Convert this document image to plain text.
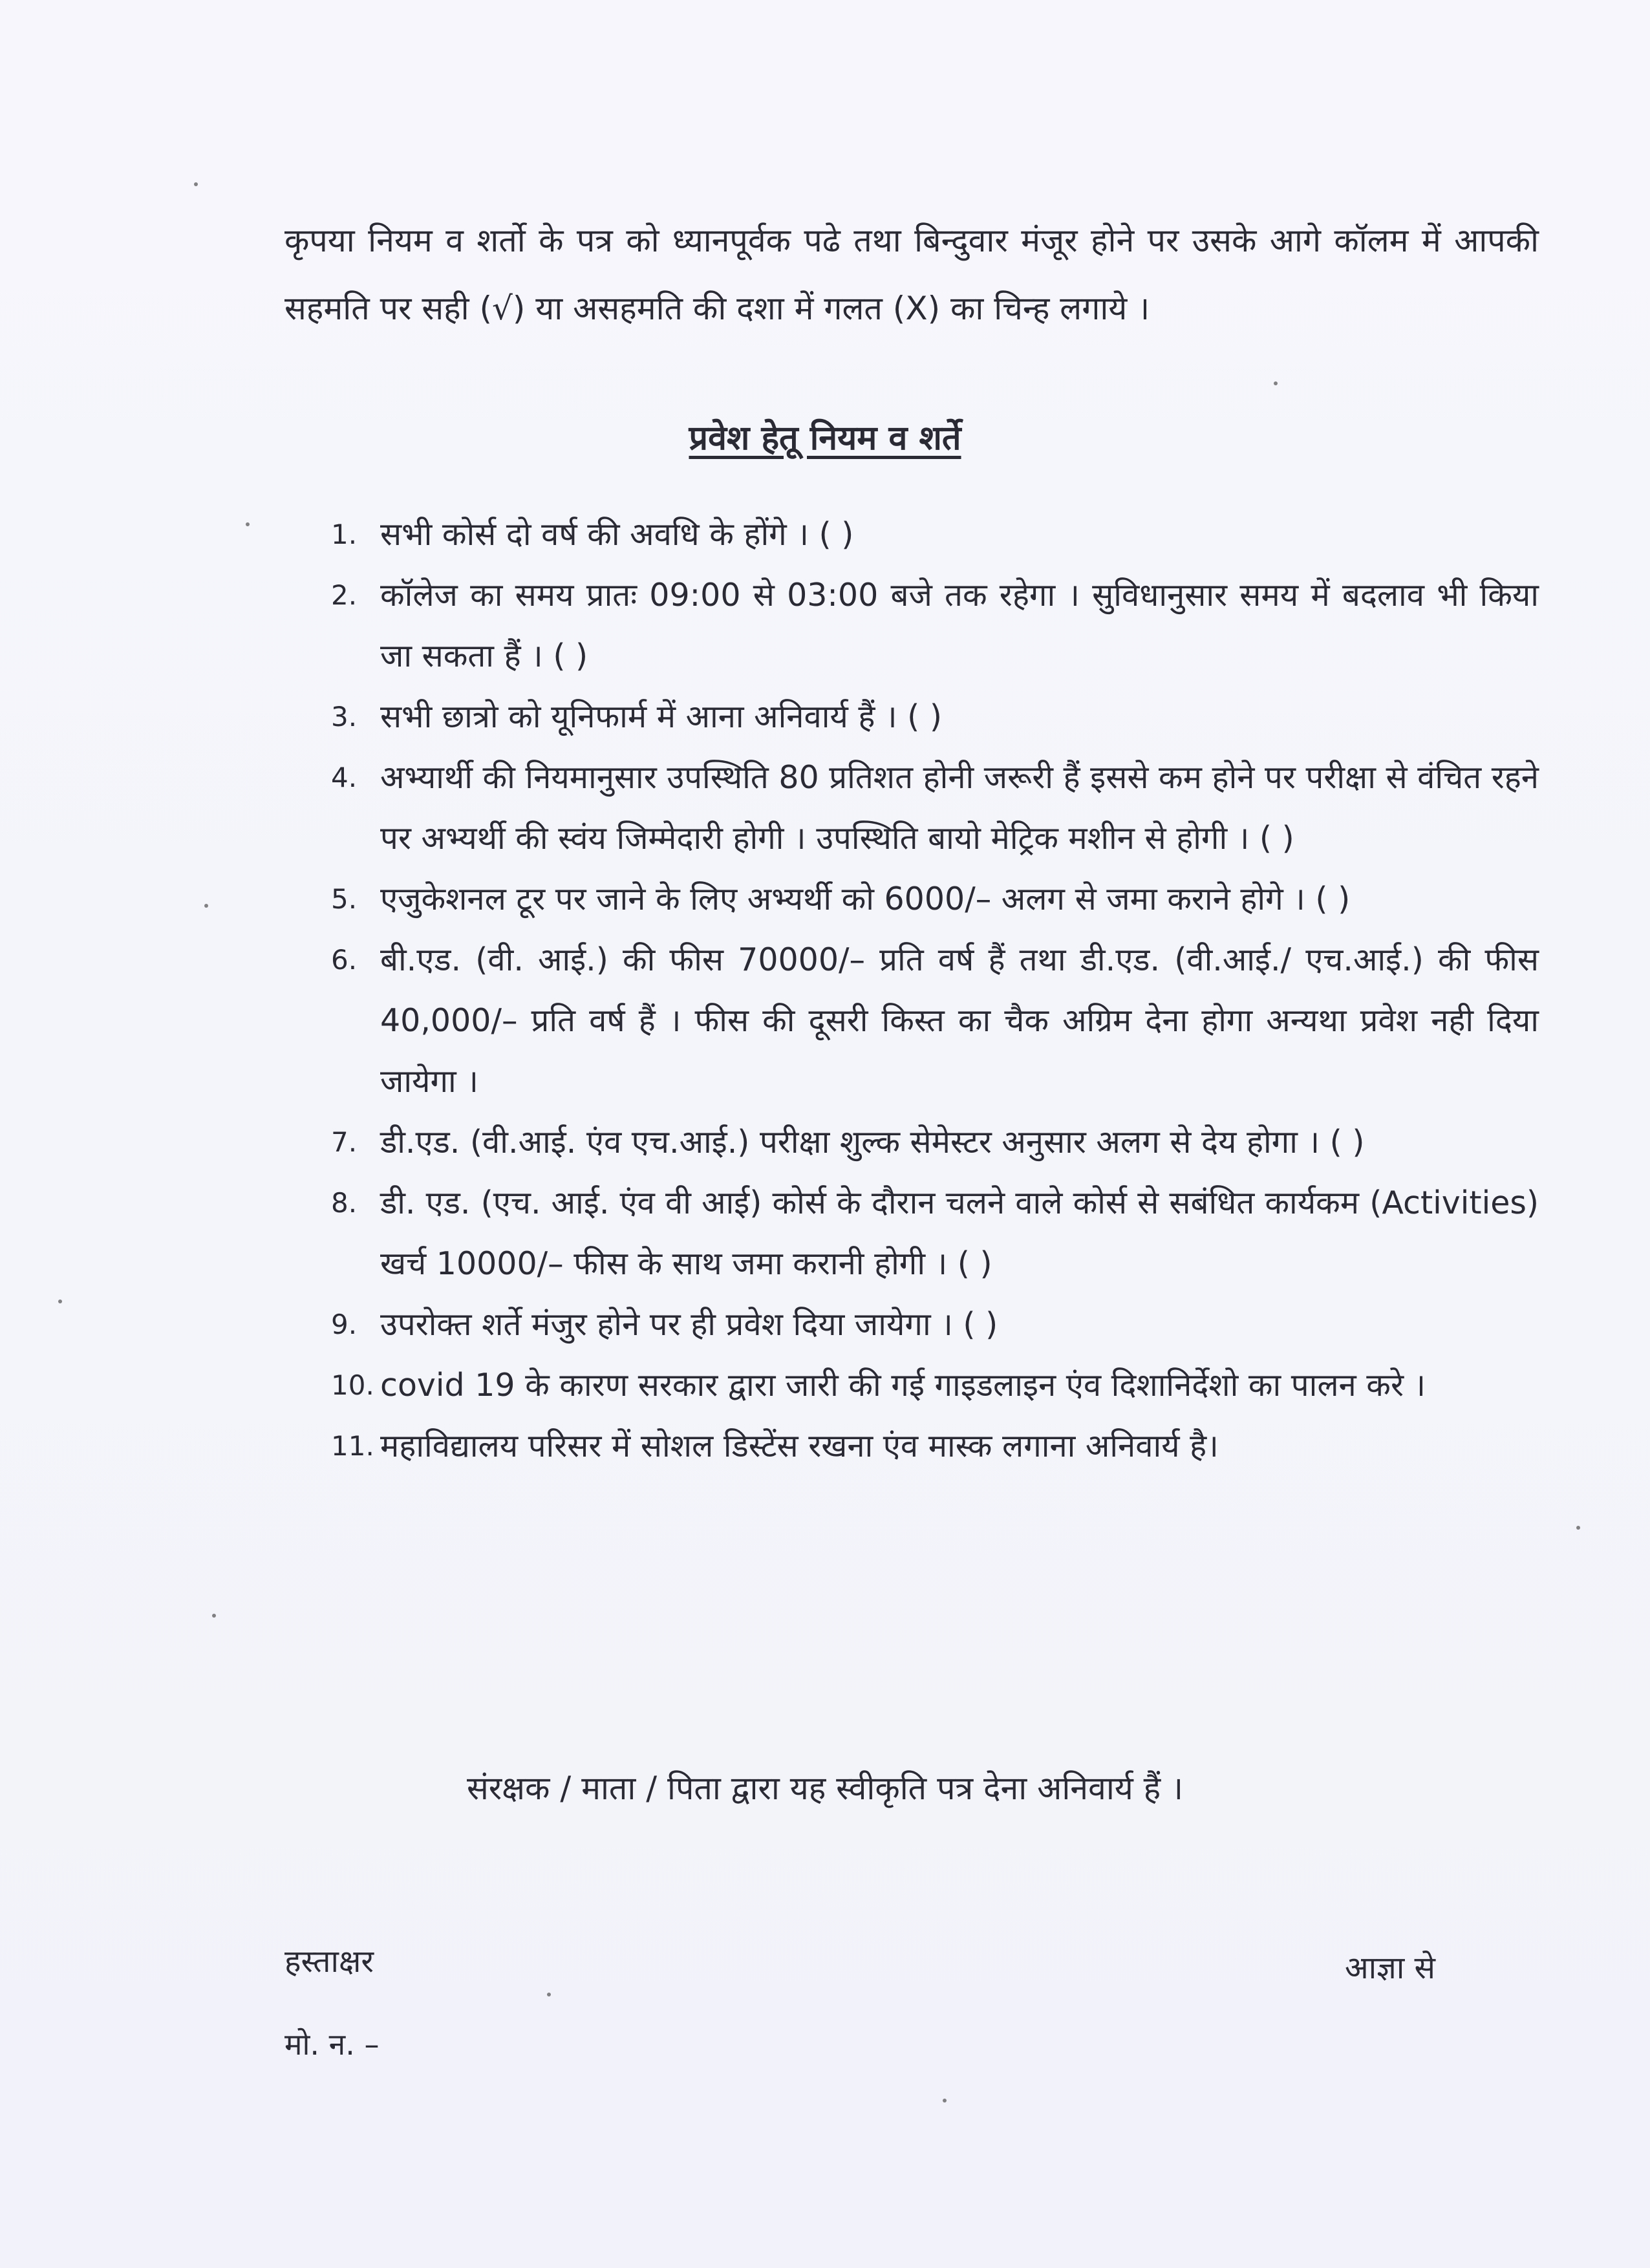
कृपया नियम व शर्तो के पत्र को ध्यानपूर्वक पढे तथा बिन्दुवार मंजूर होने पर उसके आगे कॉलम में आपकी सहमति पर सही (√) या असहमति की दशा में गलत (X) का चिन्ह लगाये ।

प्रवेश हेतू नियम व शर्ते
1. सभी कोर्स दो वर्ष की अवधि के होंगे । ( )
2. कॉलेज का समय प्रातः 09:00 से 03:00 बजे तक रहेगा । सुविधानुसार समय में बदलाव भी किया जा सकता हैं । ( )
3. सभी छात्रो को यूनिफार्म में आना अनिवार्य हैं । ( )
4. अभ्यार्थी की नियमानुसार उपस्थिति 80 प्रतिशत होनी जरूरी हैं इससे कम होने पर परीक्षा से वंचित रहने पर अभ्यर्थी की स्वंय जिम्मेदारी होगी । उपस्थिति बायो मेट्रिक मशीन से होगी । ( )
5. एजुकेशनल टूर पर जाने के लिए अभ्यर्थी को 6000/– अलग से जमा कराने होगे । ( )
6. बी.एड. (वी. आई.) की फीस 70000/– प्रति वर्ष हैं तथा डी.एड. (वी.आई./ एच.आई.) की फीस 40,000/– प्रति वर्ष हैं । फीस की दूसरी किस्त का चैक अग्रिम देना होगा अन्यथा प्रवेश नही दिया जायेगा ।
7. डी.एड. (वी.आई. एंव एच.आई.) परीक्षा शुल्क सेमेस्टर अनुसार अलग से देय होगा । ( )
8. डी. एड. (एच. आई. एंव वी आई) कोर्स के दौरान चलने वाले कोर्स से सबंधित कार्यकम (Activities) खर्च 10000/– फीस के साथ जमा करानी होगी । ( )
9. उपरोक्त शर्ते मंजुर होने पर ही प्रवेश दिया जायेगा । ( )
10. covid 19 के कारण सरकार द्वारा जारी की गई गाइडलाइन एंव दिशानिर्देशो का पालन करे ।
11. महाविद्यालय परिसर में सोशल डिस्टेंस रखना एंव मास्क लगाना अनिवार्य है।

संरक्षक / माता / पिता द्वारा यह स्वीकृति पत्र देना अनिवार्य हैं ।

हस्ताक्षर	आज्ञा से
मो. न. –
